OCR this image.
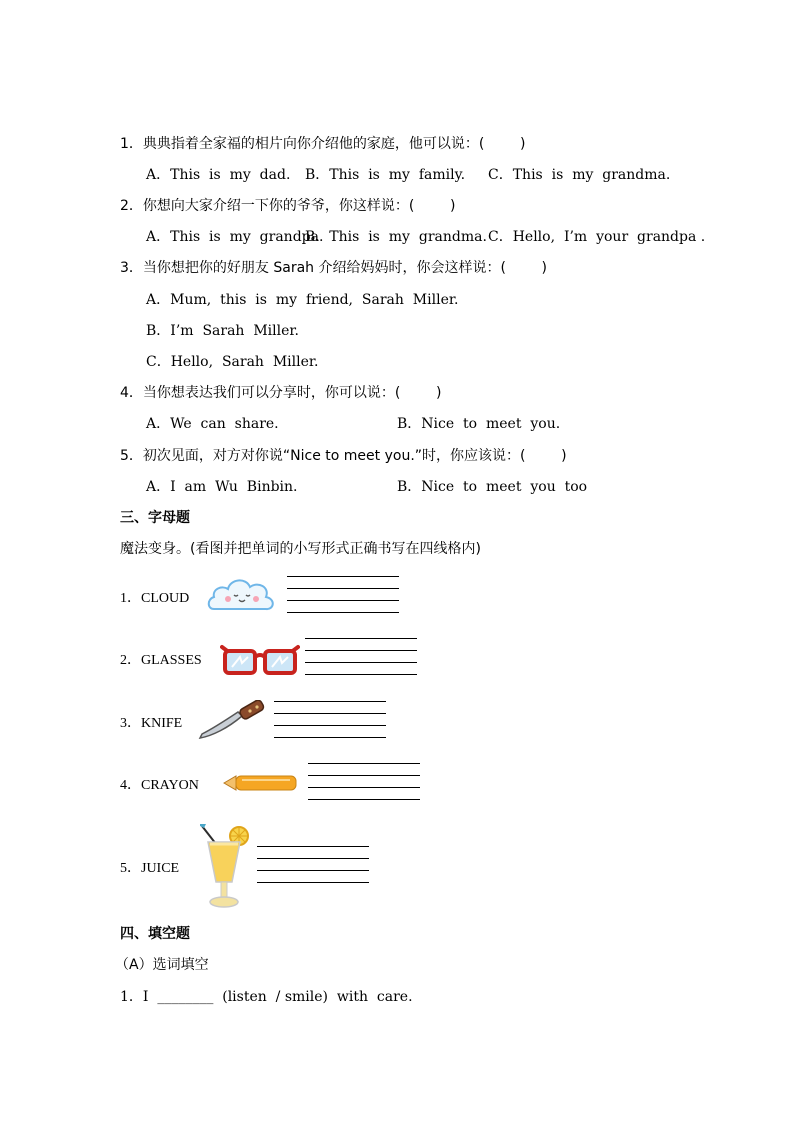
1．典典指着全家福的相片向你介绍他的家庭，他可以说：(        )
A．This  is  my  dad. B．This  is  my  family. C．This  is  my  grandma.
2．你想向大家介绍一下你的爷爷，你这样说：(        )
A．This  is  my  grandpa.
B．This  is  my  grandma. C．Hello,  I’m  your  grandpa .
3．当你想把你的好朋友 Sarah 介绍给妈妈时，你会这样说：(        )
A．Mum,  this  is  my  friend,  Sarah  Miller.
B．I’m  Sarah  Miller.
C．Hello,  Sarah  Miller.
4．当你想表达我们可以分享时，你可以说：(        )
A．We  can  share.	B．Nice  to  meet  you.
5．初次见面，对方对你说“Nice to meet you.”时，你应该说：(        )
A．I  am  Wu  Binbin.	B．Nice  to  meet  you  too
三、字母题
魔法变身。(看图并把单词的小写形式正确书写在四线格内)
1．CLOUD
2．GLASSES
3．KNIFE
4．CRAYON
5．JUICE
四、填空题
（A）选词填空
1．I  ________  (listen  / smile)  with  care.
